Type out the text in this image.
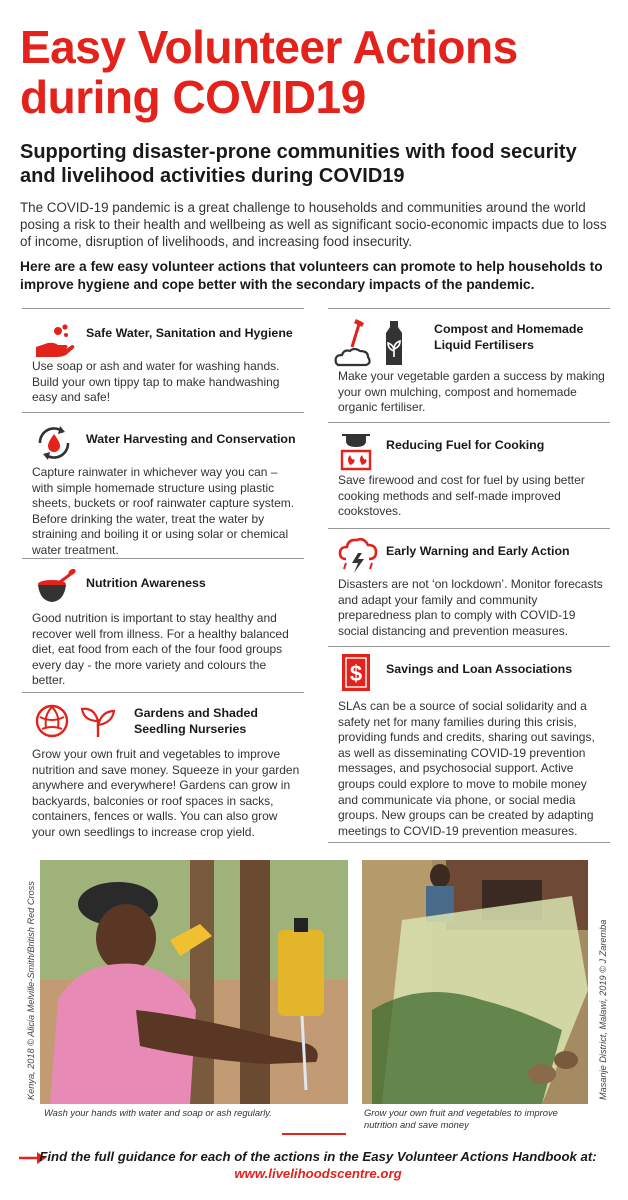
Easy Volunteer Actions
during COVID19
Supporting disaster-prone communities with food security and livelihood activities during COVID19
The COVID-19 pandemic is a great challenge to households and communities around the world posing a risk to their health and wellbeing as well as significant socio-economic impacts due to loss of income, disruption of livelihoods, and increasing food insecurity.
Here are a few easy volunteer actions that volunteers can promote to help households to improve hygiene and cope better with the secondary impacts of the pandemic.
Safe Water, Sanitation and Hygiene
Use soap or ash and water for washing hands. Build your own tippy tap to make handwashing easy and safe!
Water Harvesting and Conservation
Capture rainwater in whichever way you can – with simple homemade structure using plastic sheets, buckets or roof rainwater capture system. Before drinking the water, treat the water by straining and boiling it or using solar or chemical water treatment.
Nutrition Awareness
Good nutrition is important to stay healthy and recover well from illness. For a healthy balanced diet, eat food from each of the four food groups every day - the more variety and colours the better.
Gardens and Shaded Seedling Nurseries
Grow your own fruit and vegetables to improve nutrition and save money. Squeeze in your garden anywhere and everywhere! Gardens can grow in backyards, balconies or roof spaces in sacks, containers, fences or walls. You can also grow your own seedlings to increase crop yield.
Compost and Homemade Liquid Fertilisers
Make your vegetable garden a success by making your own mulching, compost and homemade organic fertiliser.
Reducing Fuel for Cooking
Save firewood and cost for fuel by using better cooking methods and self-made improved cookstoves.
Early Warning and Early Action
Disasters are not ‘on lockdown’. Monitor forecasts and adapt your family and community preparedness plan to comply with COVID-19 social distancing and prevention measures.
$ Savings and Loan Associations
SLAs can be a source of social solidarity and a safety net for many families during this crisis, providing funds and credits, sharing out savings, as well as disseminating COVID-19 prevention messages, and psychosocial support. Active groups could explore to move to mobile money and communicate via phone, or social media groups. New groups can be created by adapting meetings to COVID-19 prevention measures.
Kenya, 2018 © Alicia Melville-Smith/British Red Cross
Wash your hands with water and soap or ash regularly.
Masanje District, Malawi, 2019 © J Zaremba
Grow your own fruit and vegetables to improve nutrition and save money
Find the full guidance for each of the actions in the Easy Volunteer Actions Handbook at:
www.livelihoodscentre.org
